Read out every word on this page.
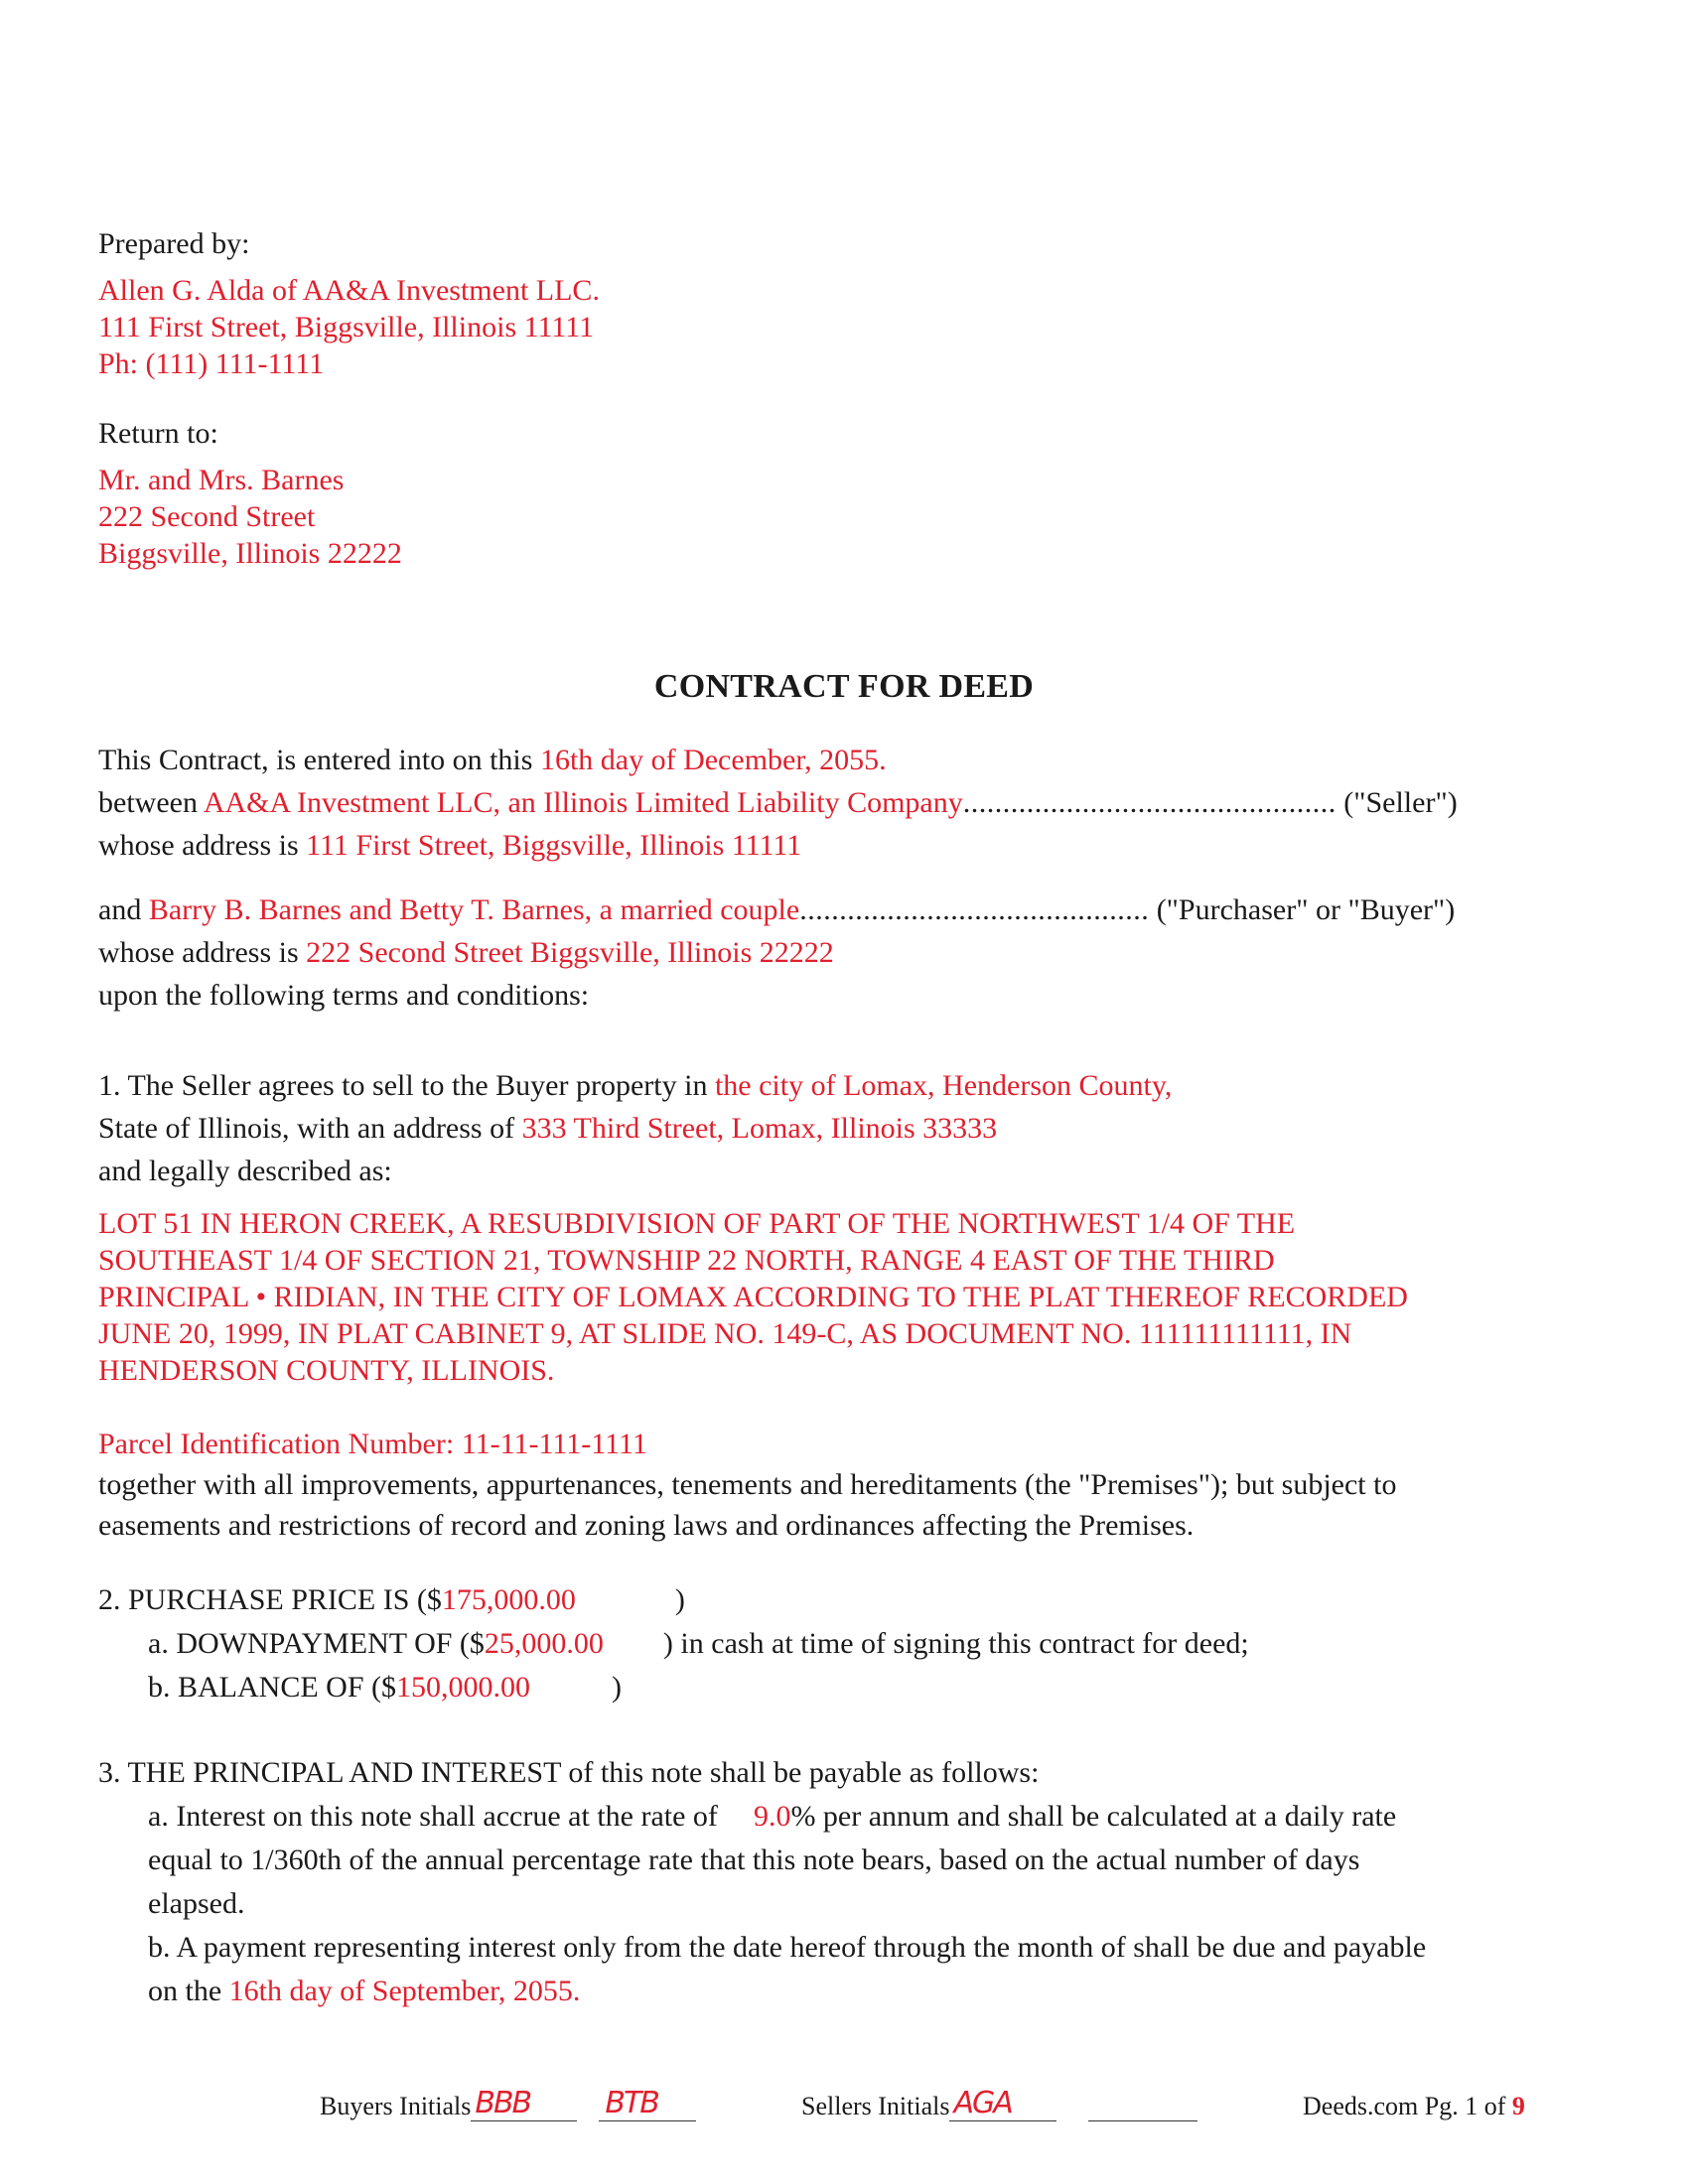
Prepared by:
Allen G. Alda of AA&A Investment LLC.
111 First Street, Biggsville, Illinois 11111
Ph: (111) 111-1111
Return to:
Mr. and Mrs. Barnes
222 Second Street
Biggsville, Illinois 22222
CONTRACT FOR DEED
This Contract, is entered into on this 16th day of December, 2055.
between AA&A Investment LLC, an Illinois Limited Liability Company............................................... ("Seller")
whose address is 111 First Street, Biggsville, Illinois 11111
and Barry B. Barnes and Betty T. Barnes, a married couple............................................ ("Purchaser" or "Buyer")
whose address is 222 Second Street Biggsville, Illinois 22222
upon the following terms and conditions:
1. The Seller agrees to sell to the Buyer property in the city of Lomax, Henderson County,
State of Illinois, with an address of 333 Third Street, Lomax, Illinois 33333
and legally described as:
LOT 51 IN HERON CREEK, A RESUBDIVISION OF PART OF THE NORTHWEST 1/4 OF THE
SOUTHEAST 1/4 OF SECTION 21, TOWNSHIP 22 NORTH, RANGE 4 EAST OF THE THIRD
PRINCIPAL • RIDIAN, IN THE CITY OF LOMAX ACCORDING TO THE PLAT THEREOF RECORDED
JUNE 20, 1999, IN PLAT CABINET 9, AT SLIDE NO. 149-C, AS DOCUMENT NO. 111111111111, IN
HENDERSON COUNTY, ILLINOIS.
Parcel Identification Number: 11-11-111-1111
together with all improvements, appurtenances, tenements and hereditaments (the "Premises"); but subject to
easements and restrictions of record and zoning laws and ordinances affecting the Premises.
2. PURCHASE PRICE IS ($175,000.00	)
a. DOWNPAYMENT OF ($25,000.00 ) in cash at time of signing this contract for deed;
b. BALANCE OF ($150,000.00	)
3. THE PRINCIPAL AND INTEREST of this note shall be payable as follows:
a. Interest on this note shall accrue at the rate of 9.0% per annum and shall be calculated at a daily rate
equal to 1/360th of the annual percentage rate that this note bears, based on the actual number of days
elapsed.
b. A payment representing interest only from the date hereof through the month of shall be due and payable
on the 16th day of September, 2055.
Buyers Initials BBB	BTB	Sellers Initials AGA	Deeds.com Pg. 1 of 9
